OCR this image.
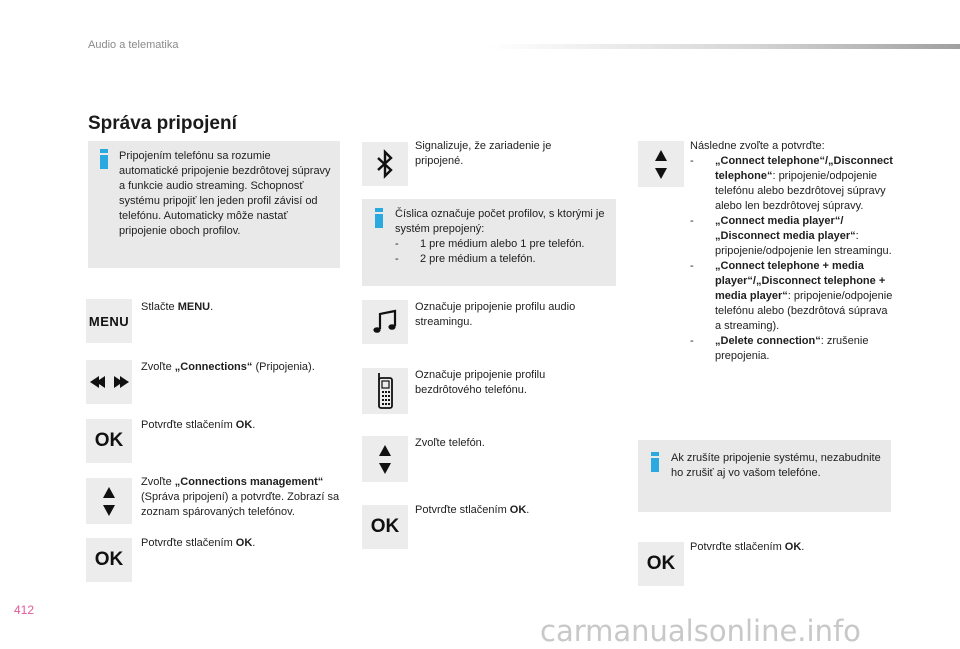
Audio a telematika
Správa pripojení
Pripojením telefónu sa rozumie automatické pripojenie bezdrôtovej súpravy a funkcie audio streaming. Schopnosť systému pripojiť len jeden profil závisí od telefónu. Automaticky môže nastať pripojenie oboch profilov.
MENU
Stlačte MENU.
Zvoľte „Connections“ (Pripojenia).
OK
Potvrďte stlačením OK.
Zvoľte „Connections management“ (Správa pripojení) a potvrďte. Zobrazí sa zoznam spárovaných telefónov.
OK
Potvrďte stlačením OK.
Signalizuje, že zariadenie je pripojené.
Číslica označuje počet profilov, s ktorými je systém prepojený:
- 1 pre médium alebo 1 pre telefón.
- 2 pre médium a telefón.
Označuje pripojenie profilu audio streamingu.
Označuje pripojenie profilu bezdrôtového telefónu.
Zvoľte telefón.
OK
Potvrďte stlačením OK.
Následne zvoľte a potvrďte:
- „Connect telephone“/„Disconnect telephone“: pripojenie/odpojenie telefónu alebo bezdrôtovej súpravy alebo len bezdrôtovej súpravy.
- „Connect media player“/„Disconnect media player“: pripojenie/odpojenie len streamingu.
- „Connect telephone + media player“/„Disconnect telephone + media player“: pripojenie/odpojenie telefónu alebo (bezdrôtová súprava a streaming).
- „Delete connection“: zrušenie prepojenia.
Ak zrušíte pripojenie systému, nezabudnite ho zrušiť aj vo vašom telefóne.
OK
Potvrďte stlačením OK.
412
carmanualsonline.info
